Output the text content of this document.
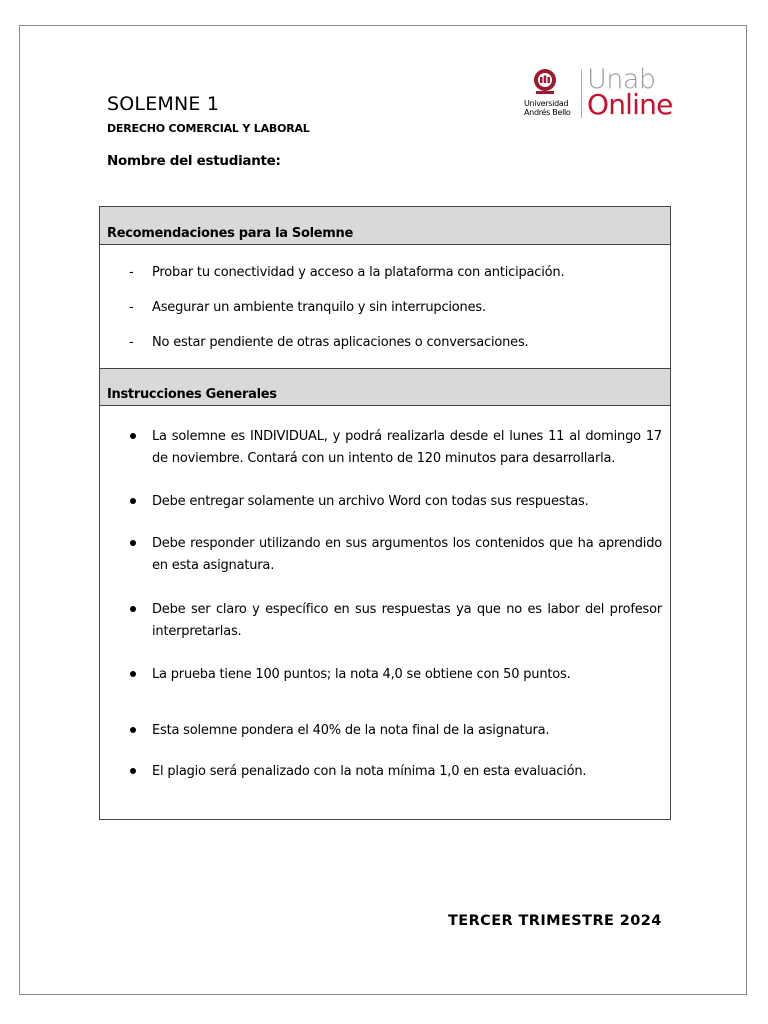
SOLEMNE 1
DERECHO COMERCIAL Y LABORAL
Nombre del estudiante:
Universidad
Andrés Bello
Unab
Online
Recomendaciones para la Solemne
- Probar tu conectividad y acceso a la plataforma con anticipación.
- Asegurar un ambiente tranquilo y sin interrupciones.
- No estar pendiente de otras aplicaciones o conversaciones.
Instrucciones Generales
La solemne es INDIVIDUAL, y podrá realizarla desde el lunes 11 al domingo 17 de noviembre. Contará con un intento de 120 minutos para desarrollarla.
Debe entregar solamente un archivo Word con todas sus respuestas.
Debe responder utilizando en sus argumentos los contenidos que ha aprendido en esta asignatura.
Debe ser claro y específico en sus respuestas ya que no es labor del profesor interpretarlas.
La prueba tiene 100 puntos; la nota 4,0 se obtiene con 50 puntos.
Esta solemne pondera el 40% de la nota final de la asignatura.
El plagio será penalizado con la nota mínima 1,0 en esta evaluación.
TERCER TRIMESTRE 2024
